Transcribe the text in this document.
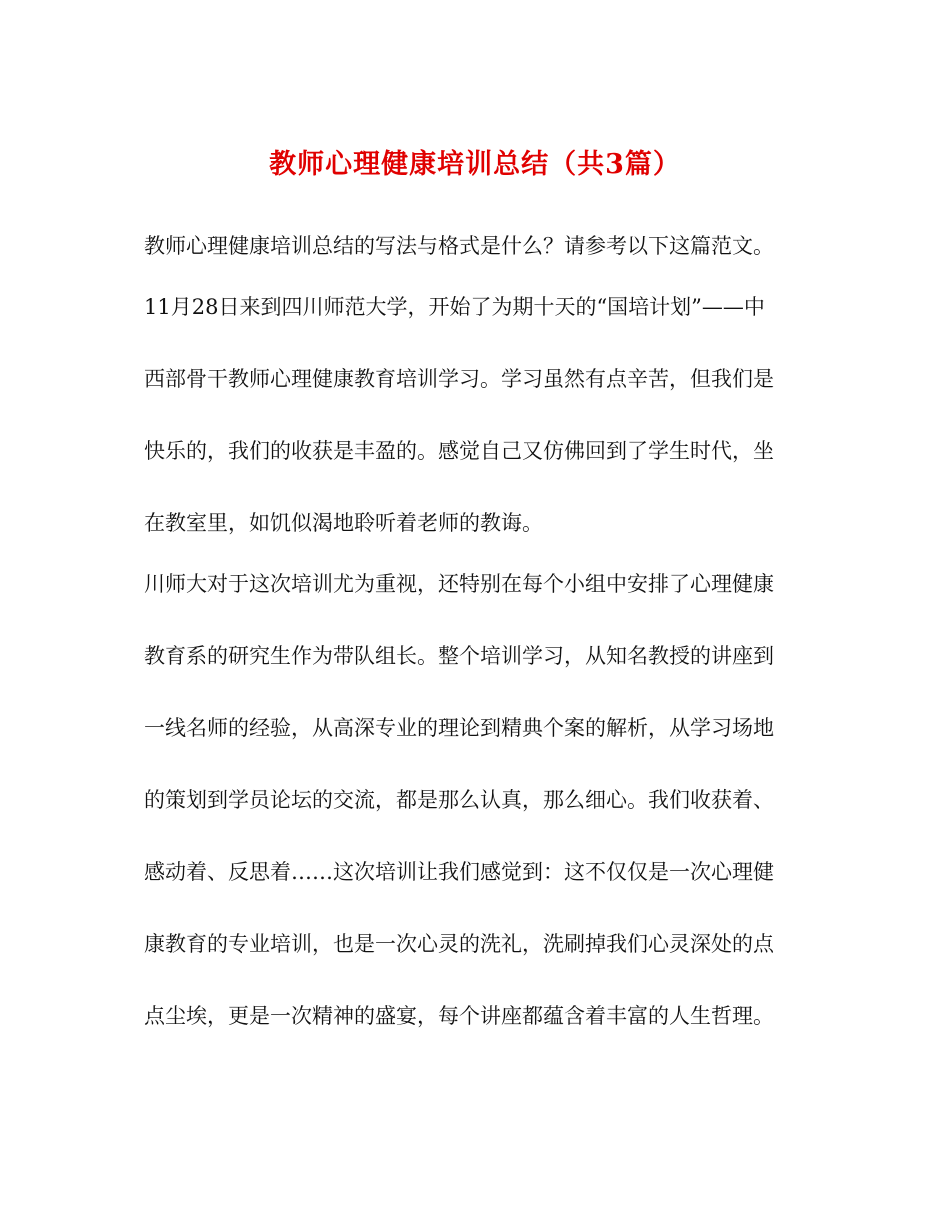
教师心理健康培训总结（共3篇）
教师心理健康培训总结的写法与格式是什么？请参考以下这篇范文。
11月28日来到四川师范大学，开始了为期十天的“国培计划”——中
西部骨干教师心理健康教育培训学习。学习虽然有点辛苦，但我们是
快乐的，我们的收获是丰盈的。感觉自己又仿佛回到了学生时代，坐
在教室里，如饥似渴地聆听着老师的教诲。
川师大对于这次培训尤为重视，还特别在每个小组中安排了心理健康
教育系的研究生作为带队组长。整个培训学习，从知名教授的讲座到
一线名师的经验，从高深专业的理论到精典个案的解析，从学习场地
的策划到学员论坛的交流，都是那么认真，那么细心。我们收获着、
感动着、反思着……这次培训让我们感觉到：这不仅仅是一次心理健
康教育的专业培训，也是一次心灵的洗礼，洗刷掉我们心灵深处的点
点尘埃，更是一次精神的盛宴，每个讲座都蕴含着丰富的人生哲理。
